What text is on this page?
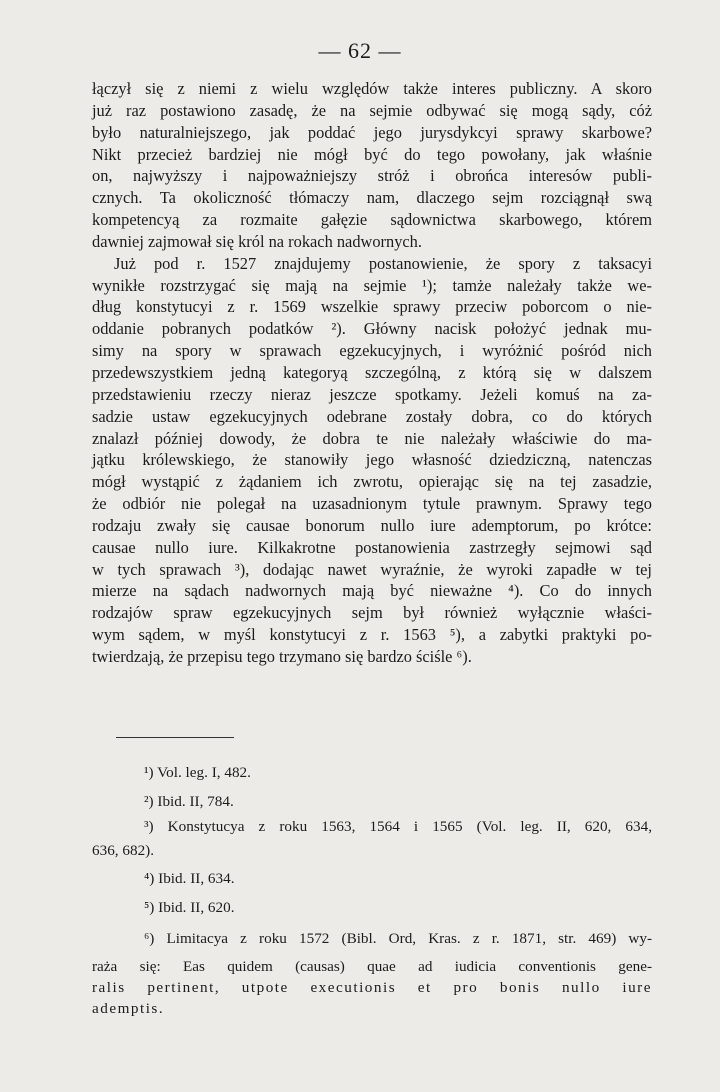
— 62 —
łączył się z niemi z wielu względów także interes publiczny. A skoro
już raz postawiono zasadę, że na sejmie odbywać się mogą sądy, cóż
było naturalniejszego, jak poddać jego jurysdykcyi sprawy skarbowe?
Nikt przecież bardziej nie mógł być do tego powołany, jak właśnie
on, najwyższy i najpoważniejszy stróż i obrońca interesów publi-
cznych. Ta okoliczność tłómaczy nam, dlaczego sejm rozciągnął swą
kompetencyą za rozmaite gałęzie sądownictwa skarbowego, którem
dawniej zajmował się król na rokach nadwornych.
Już pod r. 1527 znajdujemy postanowienie, że spory z taksacyi
wynikłe rozstrzygać się mają na sejmie ¹); tamże należały także we-
dług konstytucyi z r. 1569 wszelkie sprawy przeciw poborcom o nie-
oddanie pobranych podatków ²). Główny nacisk położyć jednak mu-
simy na spory w sprawach egzekucyjnych, i wyróżnić pośród nich
przedewszystkiem jedną kategoryą szczególną, z którą się w dalszem
przedstawieniu rzeczy nieraz jeszcze spotkamy. Jeżeli komuś na za-
sadzie ustaw egzekucyjnych odebrane zostały dobra, co do których
znalazł później dowody, że dobra te nie należały właściwie do ma-
jątku królewskiego, że stanowiły jego własność dziedziczną, natenczas
mógł wystąpić z żądaniem ich zwrotu, opierając się na tej zasadzie,
że odbiór nie polegał na uzasadnionym tytule prawnym. Sprawy tego
rodzaju zwały się causae bonorum nullo iure ademptorum, po krótce:
causae nullo iure. Kilkakrotne postanowienia zastrzegły sejmowi sąd
w tych sprawach ³), dodając nawet wyraźnie, że wyroki zapadłe w tej
mierze na sądach nadwornych mają być nieważne ⁴). Co do innych
rodzajów spraw egzekucyjnych sejm był również wyłącznie właści-
wym sądem, w myśl konstytucyi z r. 1563 ⁵), a zabytki praktyki po-
twierdzają, że przepisu tego trzymano się bardzo ściśle ⁶).
¹) Vol. leg. I, 482.
²) Ibid. II, 784.
³) Konstytucya z roku 1563, 1564 i 1565 (Vol. leg. II, 620, 634,
636, 682).
⁴) Ibid. II, 634.
⁵) Ibid. II, 620.
⁶) Limitacya z roku 1572 (Bibl. Ord, Kras. z r. 1871, str. 469) wy-
raża się: Eas quidem (causas) quae ad iudicia conventionis gene-
ralis pertinent, utpote executionis et pro bonis nullo iure
ademptis.
